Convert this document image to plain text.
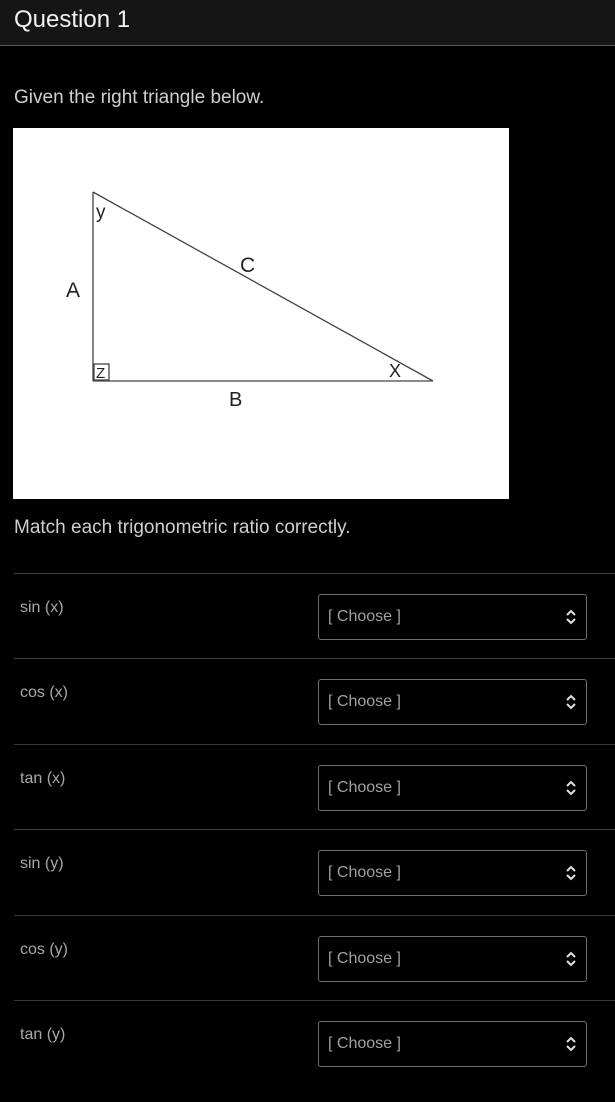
Question 1
Given the right triangle below.
y
C
A
Z	X
B
Match each trigonometric ratio correctly.
sin (x)
[ Choose ]
cos (x)
[ Choose ]
tan (x)
[ Choose ]
sin (y)
[ Choose ]
cos (y)
[ Choose ]
tan (y)
[ Choose ]
